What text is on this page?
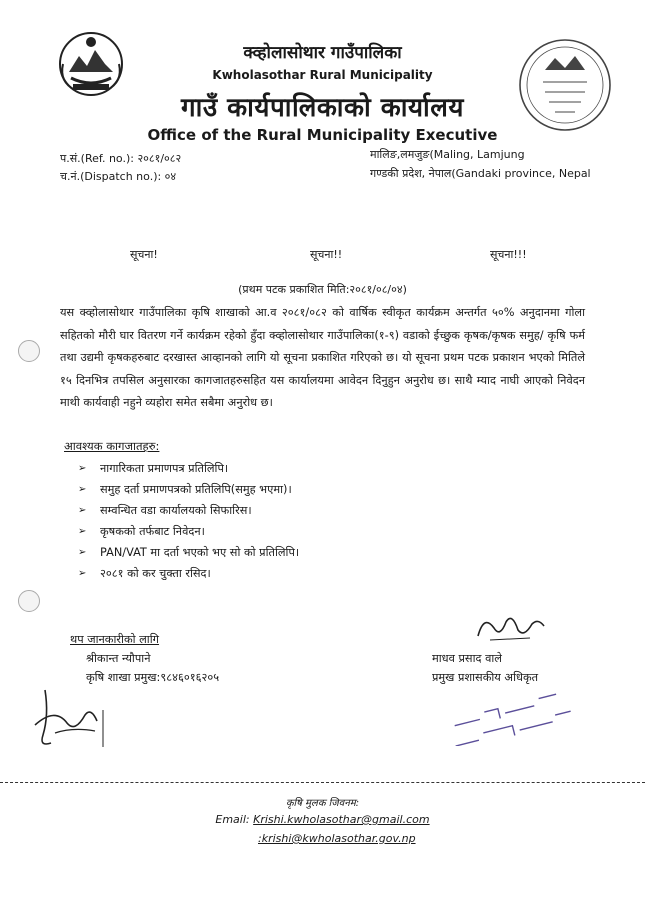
क्व्होलासोथार गाउँपालिका
Kwholasothar Rural Municipality
गाउँ कार्यपालिकाको कार्यालय
Office of the Rural Municipality Executive
प.सं.(Ref. no.): २०८१/०८२
च.नं.(Dispatch no.): ०४
मालिङ,लमजुङ(Maling, Lamjung
गण्डकी प्रदेश, नेपाल(Gandaki province, Nepal
सूचना!	सूचना!!	सूचना!!!
(प्रथम पटक प्रकाशित मिति:२०८१/०८/०४)
यस क्व्होलासोथार गाउँपालिका कृषि शाखाको आ.व २०८१/०८२ को वार्षिक स्वीकृत कार्यक्रम अन्तर्गत ५०% अनुदानमा गोला सहितको मौरी घार वितरण गर्ने कार्यक्रम रहेको हुँदा क्व्होलासोथार गाउँपालिका(१-९) वडाको ईच्छुक कृषक/कृषक समुह/ कृषि फर्म तथा उद्यमी कृषकहरुबाट दरखास्त आव्हानको लागि यो सूचना प्रकाशित गरिएको छ। यो सूचना प्रथम पटक प्रकाशन भएको मितिले १५ दिनभित्र तपसिल अनुसारका कागजातहरुसहित यस कार्यालयमा आवेदन दिनुहुन अनुरोध छ। साथै म्याद नाघी आएको निवेदन माथी कार्यवाही नहुने व्यहोरा समेत सबैमा अनुरोध छ।
आवश्यक कागजातहरु:
➢	नागारिकता प्रमाणपत्र प्रतिलिपि।
➢	समुह दर्ता प्रमाणपत्रको प्रतिलिपि(समुह भएमा)।
➢	सम्वन्धित वडा कार्यालयको सिफारिस।
➢	कृषकको तर्फबाट निवेदन।
➢	PAN/VAT मा दर्ता भएको भए सो को प्रतिलिपि।
➢	२०८१ को कर चुक्ता रसिद।
थप जानकारीको लागि
श्रीकान्त न्यौपाने
कृषि शाखा प्रमुख:९८४६०१६२०५
माधव प्रसाद वाले
प्रमुख प्रशासकीय अधिकृत
कृषि मुलक जिवनम:
Email: Krishi.kwholasothar@gmail.com
:krishi@kwholasothar.gov.np
